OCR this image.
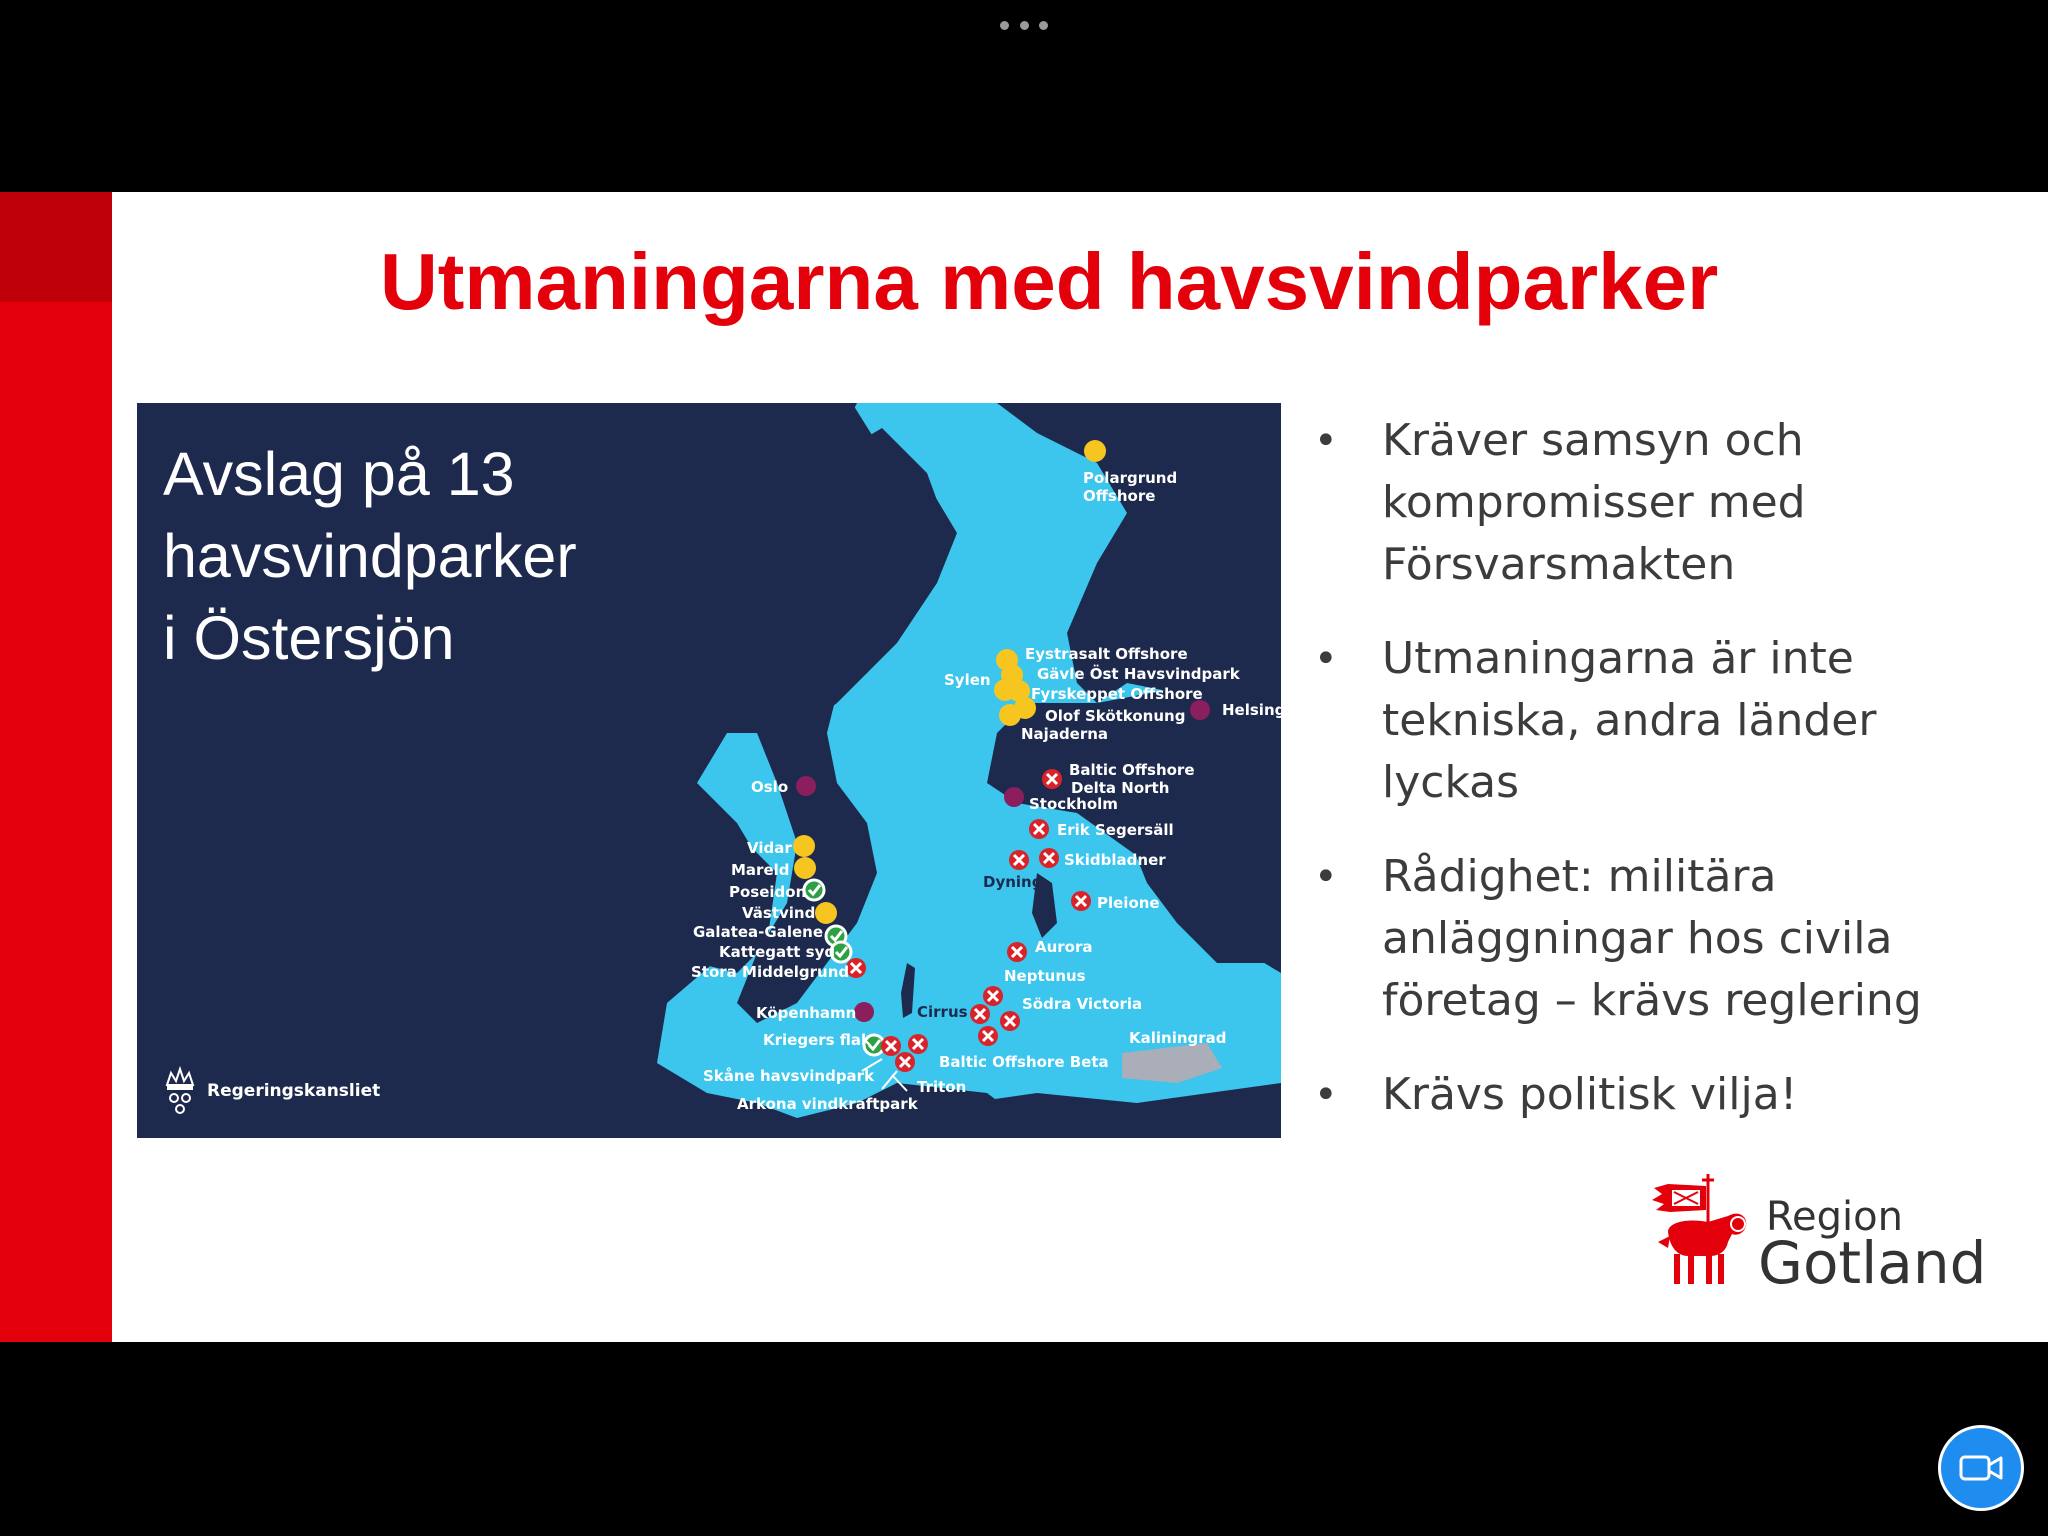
Utmaningarna med havsvindparker
Avslag på 13
havsvindparker
i Östersjön
Polargrund
Offshore
Eystrasalt Offshore
Gävle Öst Havsvindpark
Fyrskeppet Offshore
Olof Skötkonung
Najaderna
Sylen
Helsingf
Baltic Offshore
Delta North
Stockholm
Erik Segersäll
Skidbladner
Dyning
Pleione
Oslo
Vidar
Mareld
Poseidon
Västvind
Galatea-Galene
Kattegatt syd
Stora Middelgrund
Köpenhamn
Kriegers flak
Skåne havsvindpark
Arkona vindkraftpark
Triton
Cirrus
Baltic Offshore Beta
Aurora
Neptunus
Södra Victoria
Kaliningrad
Regeringskansliet
• Kräver samsyn och
kompromisser med
Försvarsmakten
• Utmaningarna är inte
tekniska, andra länder
lyckas
• Rådighet: militära
anläggningar hos civila
företag – krävs reglering
• Krävs politisk vilja!
Region
Gotland
